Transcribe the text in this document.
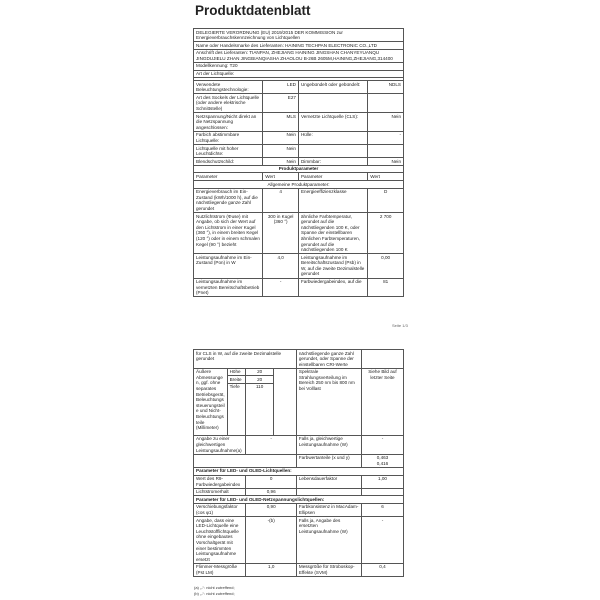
Produktdatenblatt
DELEGIERTE VERORDNUNG (EU) 2019/2015 DER KOMMISSION zur Energieverbrauchskennzeichnung von Lichtquellen			
Name oder Handelsmarke des Lieferanten: HAINING TECHPAN ELECTRONIC CO.,LTD			
Anschrift des Lieferanten: TIANPAN, ZHEJIANG HAINING JINGSHAN CHANYEYUANQU JINGDUJIELU ZHAN JINGBIANQIASHA ZHAOLOU B-26B 2605M,HAINING,ZHEJIANG,314400			
Modellkennung: T20			
Art der Lichtquelle:			

Verwendete Beleuchtungstechnologie:	LED	Ungebündelt oder gebündelt:	NDLS
Art des Sockels der Lichtquelle (oder andere elektrische Schnittstelle)	E27		
Netzspannung/Nicht direkt an die Netzspannung angeschlossen:	MLS	Vernetzte Lichtquelle (CLS):	Nein
Farbich abstimmbare Lichtquelle:	Nein	Hülle:	-
Lichtquelle mit hoher Leuchtdichte:	Nein		
Blendschutzschild:	Nein	Dimmbar:	Nein
Produktparameter			
Parameter	Wert	Parameter	Wert
Allgemeine Produktparameter:			
Energieverbrauch im Ein-Zustand (kWh/1000 h), auf die nächstliegende ganze Zahl gerundet	4	Energieeffizienzklasse	D
Nutzlichtstrom (Φuse) mit Angabe, ob sich der Wert auf den Lichtstrom in einer Kugel (360 °), in einem breiten Kegel (120 °) oder in einem schmalen Kegel (90 °) bezieht	300 in Kugel (360 °)	ähnliche Farbtemperatur, gerundet auf die nächstliegenden 100 K, oder Spanne der einstellbaren ähnlichen Farbtemperaturen, gerundet auf die nächstliegenden 100 K	2 700
Leistungsaufnahme im Ein-Zustand (Pon) in W	4,0	Leistungsaufnahme im Bereitschaftszustand (Psb) in W, auf die zweite Dezimalstelle gerundet	0,00
Leistungsaufnahme im vernetzten Bereitschaftsbetrieb (Pnet)	-	Farbwiedergabeindex, auf die	81
Seite 1/3
für CLS in W, auf die zweite Dezimalstelle gerundet				nächstliegende ganze Zahl gerundet, oder Spanne der einstellbaren CRI-Werte	
Äußere Abmessungen, ggf. ohne separates Betriebsgerät, Beleuchtungssteuerungsteile und Nicht-Beleuchtungsteile (Millimeter)	Höhe	20		Spektrale Strahlungsverteilung im Bereich 250 nm bis 800 nm bei Volllast	Siehe Bild auf letzter Seite
	Breite	20			
	Tiefe	110			
Angabe zu einer gleichwertigen Leistungsaufnahme(a)		-		Falls ja, gleichwertige Leistungsaufnahme (W)	-
				Farbwertanteile (x und y)	0,463
0,416

Parameter für LED- und OLED-Lichtquellen:					
Wert des R9-Farbwiedergabeindex		0		Lebensdauerfaktor	1,00
Lichtstromerhalt		0,96			
Parameter für LED- und OLED-Netzspannungslichtquellen:					
Verschiebungsfaktor (cos φ1)		0,90		Farbkonsistenz in MacAdam-Ellipsen	6
Angabe, dass eine LED-Lichtquelle eine Leuchtstofflichtquelle ohne eingebautes Vorschaltgerät mit einer bestimmten Leistungsaufnahme ersetzt		-(b)		Falls ja, Angabe des ersetzten Leistungsaufnahme (W)	-
Flimmer-Messgröße (Pst LM)		1,0		Messgröße für Stroboskop-Effekte (SVM)	0,4
(a) „-“: nicht zutreffend;
(b) „-“: nicht zutreffend;
